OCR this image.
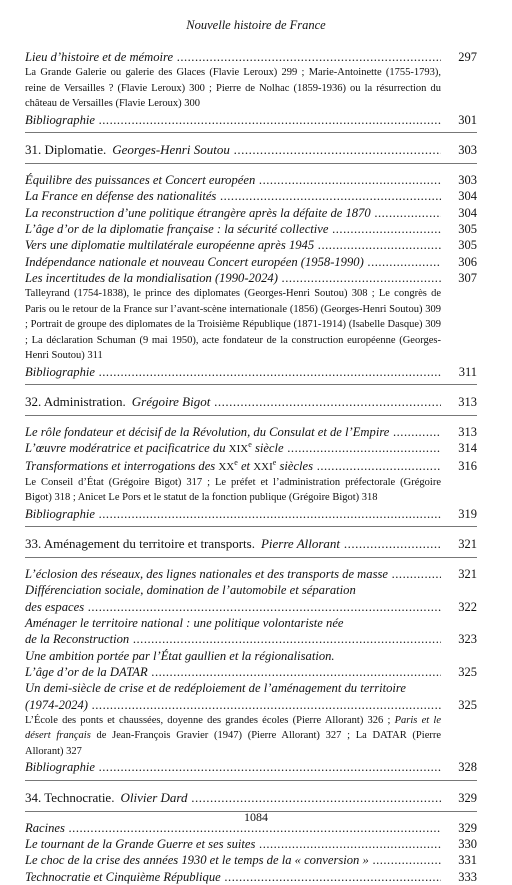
Nouvelle histoire de France
Lieu d’histoire et de mémoire .....	297
La Grande Galerie ou galerie des Glaces (Flavie Leroux) 299 ; Marie-Antoinette (1755-1793), reine de Versailles ? (Flavie Leroux) 300 ; Pierre de Nolhac (1859-1936) ou la résurrection du château de Versailles (Flavie Leroux) 300
Bibliographie .....	301
31. Diplomatie. Georges-Henri Soutou .....	303
Équilibre des puissances et Concert européen .....	303
La France en défense des nationalités .....	304
La reconstruction d’une politique étrangère après la défaite de 1870 .....	304
L’âge d’or de la diplomatie française : la sécurité collective .....	305
Vers une diplomatie multilatérale européenne après 1945 .....	305
Indépendance nationale et nouveau Concert européen (1958-1990) .....	306
Les incertitudes de la mondialisation (1990-2024) .....	307
Talleyrand (1754-1838), le prince des diplomates (Georges-Henri Soutou) 308 ; Le congrès de Paris ou le retour de la France sur l’avant-scène internationale (1856) (Georges-Henri Soutou) 309 ; Portrait de groupe des diplomates de la Troisième République (1871-1914) (Isabelle Dasque) 309 ; La déclaration Schuman (9 mai 1950), acte fondateur de la construction européenne (Georges-Henri Soutou) 311
Bibliographie .....	311
32. Administration. Grégoire Bigot .....	313
Le rôle fondateur et décisif de la Révolution, du Consulat et de l’Empire .....	313
L’œuvre modératrice et pacificatrice du XIXe siècle .....	314
Transformations et interrogations des XXe et XXIe siècles .....	316
Le Conseil d’État (Grégoire Bigot) 317 ; Le préfet et l’administration préfectorale (Grégoire Bigot) 318 ; Anicet Le Pors et le statut de la fonction publique (Grégoire Bigot) 318
Bibliographie .....	319
33. Aménagement du territoire et transports. Pierre Allorant .....	321
L’éclosion des réseaux, des lignes nationales et des transports de masse .....	321
Différenciation sociale, domination de l’automobile et séparation
des espaces .....	322
Aménager le territoire national : une politique volontariste née
de la Reconstruction .....	323
Une ambition portée par l’État gaullien et la régionalisation.
L’âge d’or de la DATAR .....	325
Un demi-siècle de crise et de redéploiement de l’aménagement du territoire
(1974-2024) .....	325
L’École des ponts et chaussées, doyenne des grandes écoles (Pierre Allorant) 326 ; Paris et le désert français de Jean-François Gravier (1947) (Pierre Allorant) 327 ; La DATAR (Pierre Allorant) 327
Bibliographie .....	328
34. Technocratie. Olivier Dard .....	329
Racines .....	329
Le tournant de la Grande Guerre et ses suites .....	330
Le choc de la crise des années 1930 et le temps de la « conversion » .....	331
Technocratie et Cinquième République .....	333
1084
